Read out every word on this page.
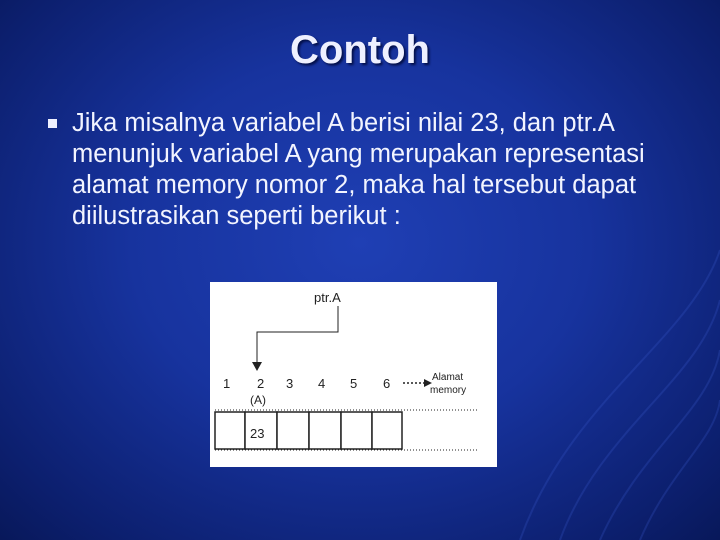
Contoh
Jika misalnya variabel A berisi nilai 23, dan ptr.A menunjuk variabel A yang merupakan representasi alamat memory nomor 2, maka hal tersebut dapat diilustrasikan seperti berikut :
ptr.A
1 2 3 4 5 6
(A)
Alamat
memory
23
